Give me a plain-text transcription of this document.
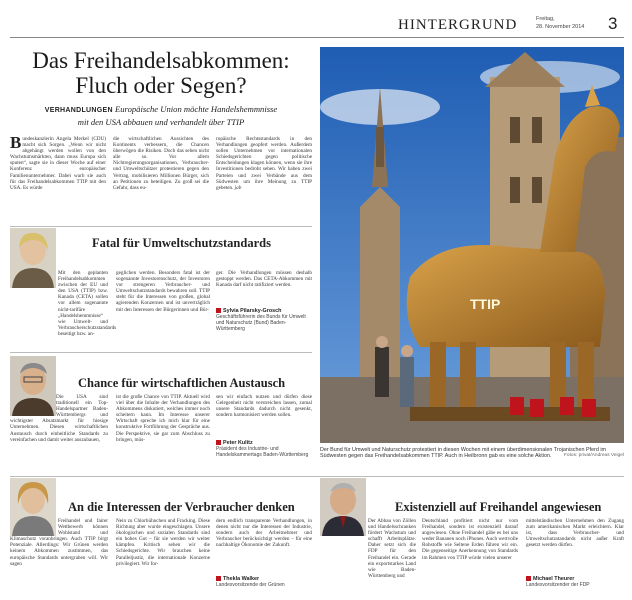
HINTERGRUND	Freitag,
28. November 2014 3
Das Freihandelsabkommen:
Fluch oder Segen?
VERHANDLUNGEN Europäische Union möchte Handelshemmnisse
mit den USA abbauen und verhandelt über TTIP
Bundeskanzlerin Angela Merkel (CDU) macht sich Sorgen. „Wenn wir nicht abgehängt werden wollen von den Wachstumsmärkten, dann muss Europa sich sputen“, sagte sie in dieser Woche auf einer Konferenz europäischer Familienunternehmer. Dabei warb sie auch für das Freihandelsabkommen TTIP mit den USA. Es würde
die wirtschaftlichen Aussichten des Kontinents verbessern, die Chancen überwögen die Risiken. Doch das sehen nicht alle so. Vor allem Nichtregierungsorganisationen, Verbraucher- und Umweltschützer protestieren gegen den Vertrag, mobilisieren Millionen Bürger, sich an Petitionen zu beteiligen. Zu groß sei die Gefahr, dass eu-
ropäische Rechtsstandards in den Verhandlungen geopfert werden. Außerdem sollen Unternehmen vor internationalen Schiedsgerichten gegen politische Entscheidungen klagen können, wenn sie ihre Investitionen bedroht sehen. Wir haben zwei Parteien und zwei Verbände aus dem Südwesten um ihre Meinung zu TTIP gebeten. jab
TTIP
Der Bund für Umwelt und Naturschutz protestiert in diesen Wochen mit einem überdimensionalen Trojanischen Pferd im Südwesten gegen das Freihandelsabkommen TTIP. Auch in Heilbronn gab es eine solche Aktion.	Fotos: privat/Andreas Veigel
Fatal für Umweltschutzstandards
Mit den geplanten Freihandelsabkommen zwischen der EU und den USA (TTIP) bzw. Kanada (CETA) sollen vor allem sogenannte nicht-tarifäre „Handelshemmnisse“ wie Umwelt- und Verbraucherschutzstandards beseitigt bzw. an-
geglichen werden. Besonders fatal ist der sogenannte Investorenschutz, der Investoren vor strengeren Verbraucher- und Umweltschutzstandards bewahren soll. TTIP steht für die Interessen von großen, global agierenden Konzernen und ist unverträglich mit den Interessen der Bürgerinnen und Bür-
ger. Die Verhandlungen müssen deshalb gestoppt werden. Das CETA-Abkommen mit Kanada darf nicht ratifiziert werden.
Sylvia Pilarsky-Grosch
Geschäftsführerin des Bunds für Umwelt und Naturschutz (Bund) Baden-Württemberg
Chance für wirtschaftlichen Austausch
Die USA sind traditionell ein Top-Handelspartner Baden-Württembergs und wichtigster Absatzmarkt für hiesige Unternehmen. Diesen wirtschaftlichen Austausch durch einheitliche Standards zu vereinfachen und damit weiter auszubauen,
ist die große Chance von TTIP. Aktuell wird viel über die Inhalte der Verhandlungen des Abkommens diskutiert, welches immer noch scheitern kann. Im Interesse unserer Wirtschaft spreche ich mich klar für eine konstruktive Fortführung der Gespräche aus. Die Perspektive, sie gar zum Abschluss zu bringen, müs-
sen wir einfach nutzen und dürfen diese Gelegenheit nicht verstreichen lassen, zumal unsere Standards dadurch nicht gesenkt, sondern harmonisiert werden sollen.
Peter Kulitz
Präsident des Industrie- und Handelskammertags Baden-Württemberg
An die Interessen der Verbraucher denken
Freihandel und fairer Wettbewerb können Wohlstand und Klimaschutz voranbringen. Auch TTIP birgt Potenziale. Allerdings: Wir Grünen werden keinem Abkommen zustimmen, das europäische Standards untergraben will. Wir sagen
Nein zu Chlorhühnchen und Fracking. Diese Richtung aber wurde eingeschlagen. Unsere ökologischen und sozialen Standards sind ein hohes Gut – für sie werden wir weiter kämpfen. Kritisch sehen wir die Schiedsgerichte. Wir brauchen keine Paralleljustiz, die internationale Konzerne privilegiert. Wir for-
dern endlich transparente Verhandlungen, in denen nicht nur die Interessen der Industrie, sondern auch der Arbeitnehmer und Verbraucher berücksichtigt werden – für eine nachhaltige Ökonomie der Zukunft.
Thekla Walker
Landesvorsitzende der Grünen
Existenziell auf Freihandel angewiesen
Der Abbau von Zöllen und Handelsschranken fördert Wachstum und schafft Arbeitsplätze. Daher setzt sich die FDP für den Freihandel ein. Gerade ein exportstarkes Land wie Baden-Württemberg und
Deutschland profitiert nicht nur vom Freihandel, sondern ist existenziell darauf angewiesen. Ohne Freihandel gäbe es bei uns weder Bananen noch iPhones. Auch wertvolle Rohstoffe wie Seltene Erden führen wir ein. Die gegenseitige Anerkennung von Standards im Rahmen von TTIP würde vielen unserer
mittelständischen Unternehmen den Zugang zum amerikanischen Markt erleichtern. Klar ist, dass Verbraucher- und Umweltschutzstandards nicht außer Kraft gesetzt werden dürfen.
Michael Theurer
Landesvorsitzender der FDP
